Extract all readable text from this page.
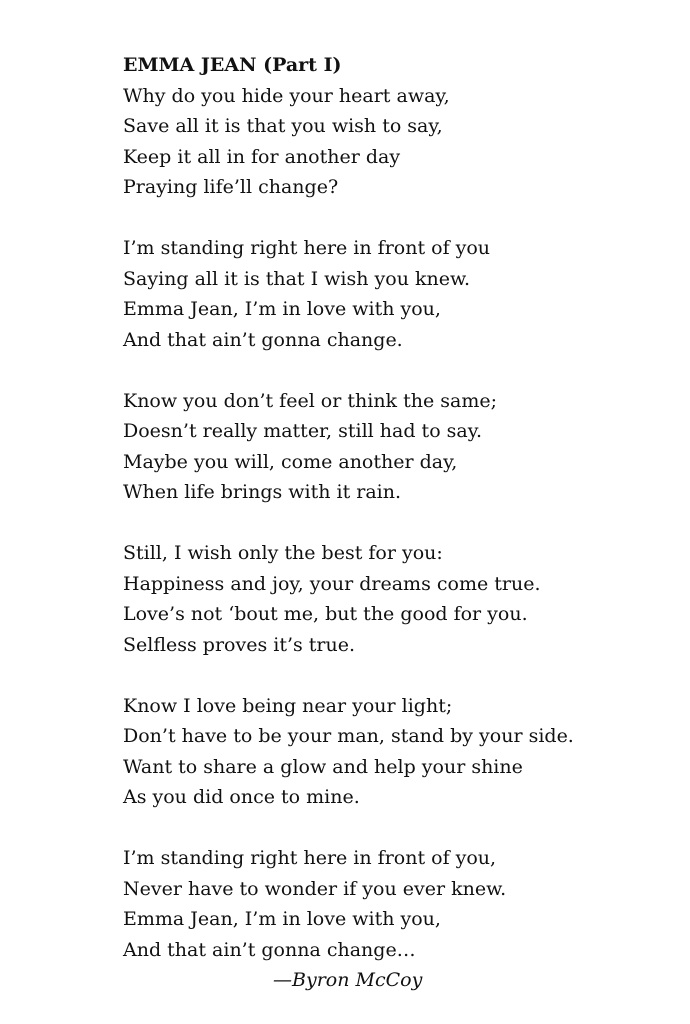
EMMA JEAN (Part I)
Why do you hide your heart away,
Save all it is that you wish to say,
Keep it all in for another day
Praying life’ll change?
I’m standing right here in front of you
Saying all it is that I wish you knew.
Emma Jean, I’m in love with you,
And that ain’t gonna change.
Know you don’t feel or think the same;
Doesn’t really matter, still had to say.
Maybe you will, come another day,
When life brings with it rain.
Still, I wish only the best for you:
Happiness and joy, your dreams come true.
Love’s not ‘bout me, but the good for you.
Selfless proves it’s true.
Know I love being near your light;
Don’t have to be your man, stand by your side.
Want to share a glow and help your shine
As you did once to mine.
I’m standing right here in front of you,
Never have to wonder if you ever knew.
Emma Jean, I’m in love with you,
And that ain’t gonna change…
—Byron McCoy
